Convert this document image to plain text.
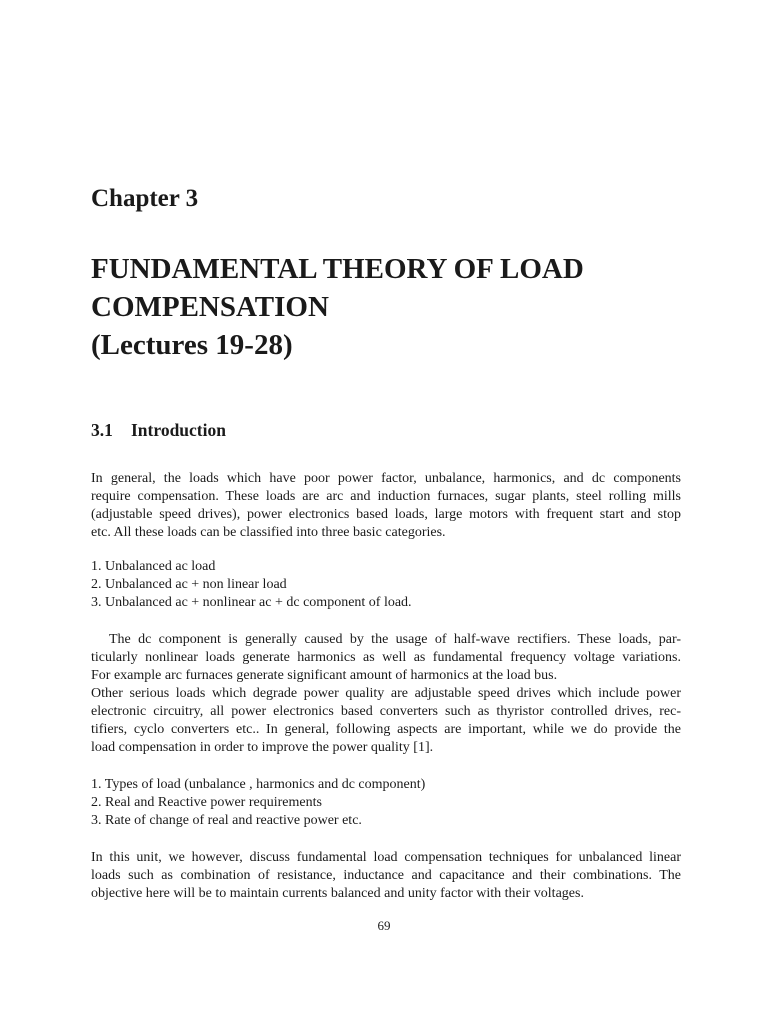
Chapter 3
FUNDAMENTAL THEORY OF LOAD
COMPENSATION
(Lectures 19-28)
3.1 Introduction
In general, the loads which have poor power factor, unbalance, harmonics, and dc components
require compensation. These loads are arc and induction furnaces, sugar plants, steel rolling mills
(adjustable speed drives), power electronics based loads, large motors with frequent start and stop
etc. All these loads can be classified into three basic categories.
1. Unbalanced ac load
2. Unbalanced ac + non linear load
3. Unbalanced ac + nonlinear ac + dc component of load.
The dc component is generally caused by the usage of half-wave rectifiers. These loads, par-
ticularly nonlinear loads generate harmonics as well as fundamental frequency voltage variations.
For example arc furnaces generate significant amount of harmonics at the load bus.
Other serious loads which degrade power quality are adjustable speed drives which include power
electronic circuitry, all power electronics based converters such as thyristor controlled drives, rec-
tifiers, cyclo converters etc.. In general, following aspects are important, while we do provide the
load compensation in order to improve the power quality [1].
1. Types of load (unbalance , harmonics and dc component)
2. Real and Reactive power requirements
3. Rate of change of real and reactive power etc.
In this unit, we however, discuss fundamental load compensation techniques for unbalanced linear
loads such as combination of resistance, inductance and capacitance and their combinations. The
objective here will be to maintain currents balanced and unity factor with their voltages.
69
